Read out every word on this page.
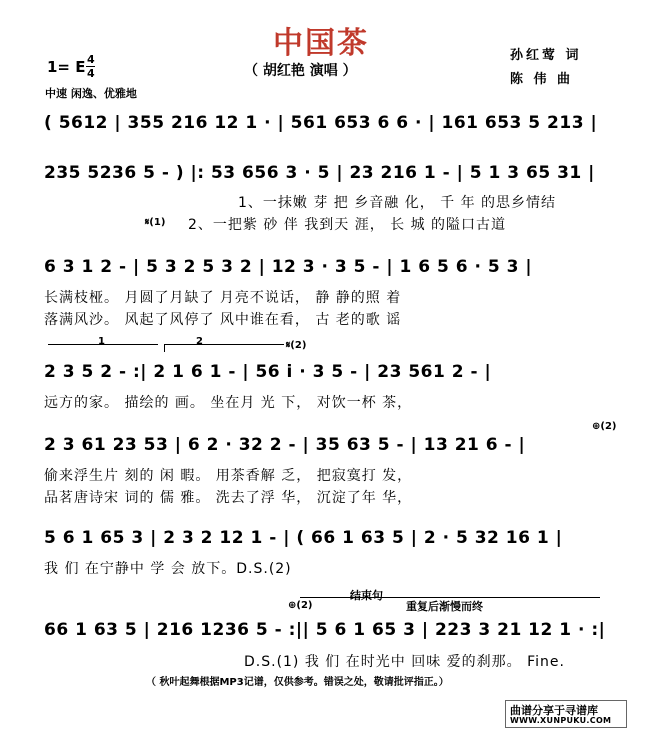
中国茶
（ 胡红艳 演唱 ）
孙红莺 词
陈 伟 曲
1= E 4
4
中速 闲逸、优雅地
( 5612 | 355 216 12 1 · | 561 653 6 6 · | 161 653 5 213 |
235 5236 5 - ) |: 53 656 3 · 5 | 23 216 1 - | 5 1 3 65 31 |
1、一抹嫩 芽 把 乡音融 化， 千 年 的思乡情结
𝄋(1) 2、一把紫 砂 伴 我到天 涯， 长 城 的隘口古道
6 3 1 2 - | 5 3 2 5 3 2 | 12 3 · 3 5 - | 1 6 5 6 · 5 3 |
长满枝桠。 月圆了月缺了 月亮不说话， 静 静的照 着
落满风沙。 风起了风停了 风中谁在看， 古 老的歌 谣
1	2	𝄋(2)
2 3 5 2 - :| 2 1 6 1 - | 56 i · 3 5 - | 23 561 2 - |
远方的家。 描绘的 画。 坐在月 光 下， 对饮一杯 茶，
⊕(2)
2 3 61 23 53 | 6 2 · 32 2 - | 35 63 5 - | 13 21 6 - |
偷来浮生片 刻的 闲 暇。 用茶香解 乏， 把寂寞打 发，
品茗唐诗宋 词的 儒 雅。 洗去了浮 华， 沉淀了年 华，
5 6 1 65 3 | 2 3 2 12 1 - | ( 66 1 63 5 | 2 · 5 32 16 1 |
我 们 在宁静中 学 会 放下。D.S.(2)
结束句
重复后渐慢而终
⊕(2)
66 1 63 5 | 216 1236 5 - :|| 5 6 1 65 3 | 223 3 21 12 1 · :|
D.S.(1) 我 们 在时光中 回味 爱的刹那。 Fine.
（ 秋叶起舞根据MP3记谱，仅供参考。错误之处，敬请批评指正。）
曲谱分享于寻谱库
WWW.XUNPUKU.COM
